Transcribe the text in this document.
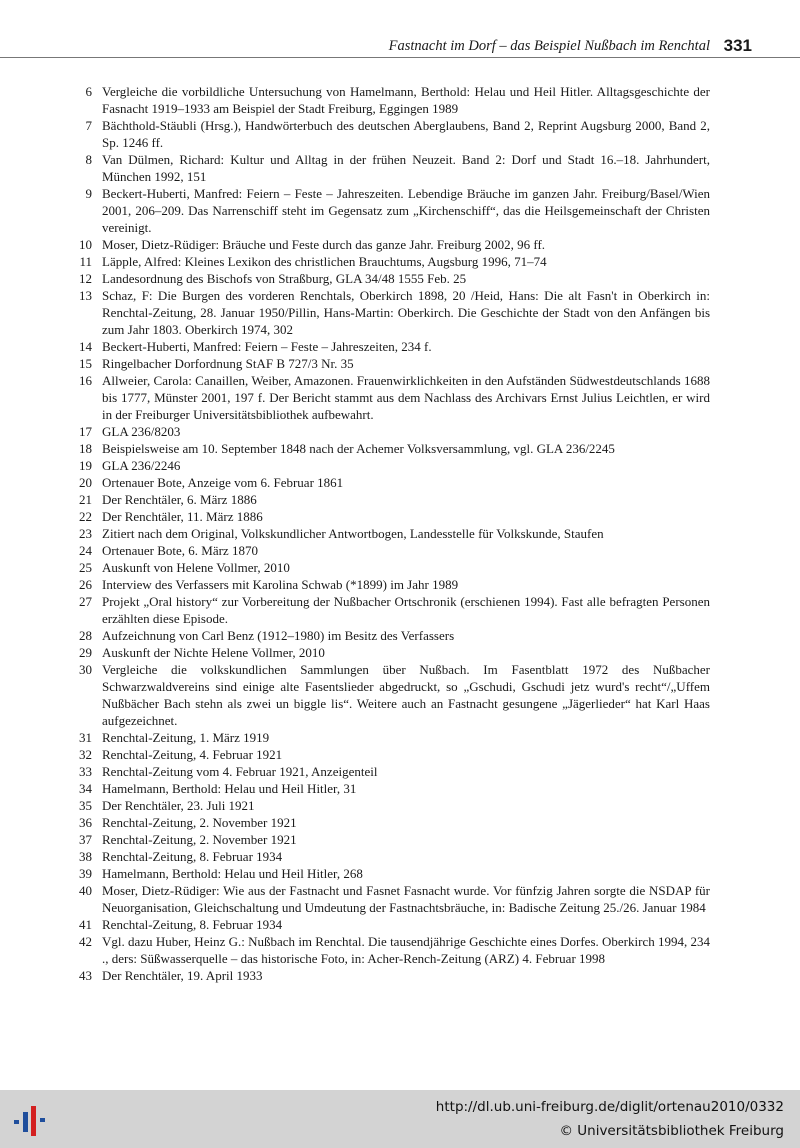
Fastnacht im Dorf – das Beispiel Nußbach im Renchtal 331
6 Vergleiche die vorbildliche Untersuchung von Hamelmann, Berthold: Helau und Heil Hitler. Alltagsgeschichte der Fasnacht 1919–1933 am Beispiel der Stadt Freiburg, Eggingen 1989
7 Bächthold-Stäubli (Hrsg.), Handwörterbuch des deutschen Aberglaubens, Band 2, Reprint Augsburg 2000, Band 2, Sp. 1246 ff.
8 Van Dülmen, Richard: Kultur und Alltag in der frühen Neuzeit. Band 2: Dorf und Stadt 16.–18. Jahrhundert, München 1992, 151
9 Beckert-Huberti, Manfred: Feiern – Feste – Jahreszeiten. Lebendige Bräuche im ganzen Jahr. Freiburg/Basel/Wien 2001, 206–209. Das Narrenschiff steht im Gegensatz zum „Kirchenschiff“, das die Heilsgemeinschaft der Christen vereinigt.
10 Moser, Dietz-Rüdiger: Bräuche und Feste durch das ganze Jahr. Freiburg 2002, 96 ff.
11 Läpple, Alfred: Kleines Lexikon des christlichen Brauchtums, Augsburg 1996, 71–74
12 Landesordnung des Bischofs von Straßburg, GLA 34/48 1555 Feb. 25
13 Schaz, F: Die Burgen des vorderen Renchtals, Oberkirch 1898, 20 /Heid, Hans: Die alt Fasn't in Oberkirch in: Renchtal-Zeitung, 28. Januar 1950/Pillin, Hans-Martin: Oberkirch. Die Geschichte der Stadt von den Anfängen bis zum Jahr 1803. Oberkirch 1974, 302
14 Beckert-Huberti, Manfred: Feiern – Feste – Jahreszeiten, 234 f.
15 Ringelbacher Dorfordnung StAF B 727/3 Nr. 35
16 Allweier, Carola: Canaillen, Weiber, Amazonen. Frauenwirklichkeiten in den Aufständen Südwestdeutschlands 1688 bis 1777, Münster 2001, 197 f. Der Bericht stammt aus dem Nachlass des Archivars Ernst Julius Leichtlen, er wird in der Freiburger Universitätsbibliothek aufbewahrt.
17 GLA 236/8203
18 Beispielsweise am 10. September 1848 nach der Achemer Volksversammlung, vgl. GLA 236/2245
19 GLA 236/2246
20 Ortenauer Bote, Anzeige vom 6. Februar 1861
21 Der Renchtäler, 6. März 1886
22 Der Renchtäler, 11. März 1886
23 Zitiert nach dem Original, Volkskundlicher Antwortbogen, Landesstelle für Volkskunde, Staufen
24 Ortenauer Bote, 6. März 1870
25 Auskunft von Helene Vollmer, 2010
26 Interview des Verfassers mit Karolina Schwab (*1899) im Jahr 1989
27 Projekt „Oral history“ zur Vorbereitung der Nußbacher Ortschronik (erschienen 1994). Fast alle befragten Personen erzählten diese Episode.
28 Aufzeichnung von Carl Benz (1912–1980) im Besitz des Verfassers
29 Auskunft der Nichte Helene Vollmer, 2010
30 Vergleiche die volkskundlichen Sammlungen über Nußbach. Im Fasentblatt 1972 des Nußbacher Schwarzwaldvereins sind einige alte Fasentslieder abgedruckt, so „Gschudi, Gschudi jetz wurd's recht“/„Uffem Nußbächer Bach stehn als zwei un biggle lis“. Weitere auch an Fastnacht gesungene „Jägerlieder“ hat Karl Haas aufgezeichnet.
31 Renchtal-Zeitung, 1. März 1919
32 Renchtal-Zeitung, 4. Februar 1921
33 Renchtal-Zeitung vom 4. Februar 1921, Anzeigenteil
34 Hamelmann, Berthold: Helau und Heil Hitler, 31
35 Der Renchtäler, 23. Juli 1921
36 Renchtal-Zeitung, 2. November 1921
37 Renchtal-Zeitung, 2. November 1921
38 Renchtal-Zeitung, 8. Februar 1934
39 Hamelmann, Berthold: Helau und Heil Hitler, 268
40 Moser, Dietz-Rüdiger: Wie aus der Fastnacht und Fasnet Fasnacht wurde. Vor fünfzig Jahren sorgte die NSDAP für Neuorganisation, Gleichschaltung und Umdeutung der Fastnachtsbräuche, in: Badische Zeitung 25./26. Januar 1984
41 Renchtal-Zeitung, 8. Februar 1934
42 Vgl. dazu Huber, Heinz G.: Nußbach im Renchtal. Die tausendjährige Geschichte eines Dorfes. Oberkirch 1994, 234 ., ders: Süßwasserquelle – das historische Foto, in: Acher-Rench-Zeitung (ARZ) 4. Februar 1998
43 Der Renchtäler, 19. April 1933
http://dl.ub.uni-freiburg.de/diglit/ortenau2010/0332
© Universitätsbibliothek Freiburg
